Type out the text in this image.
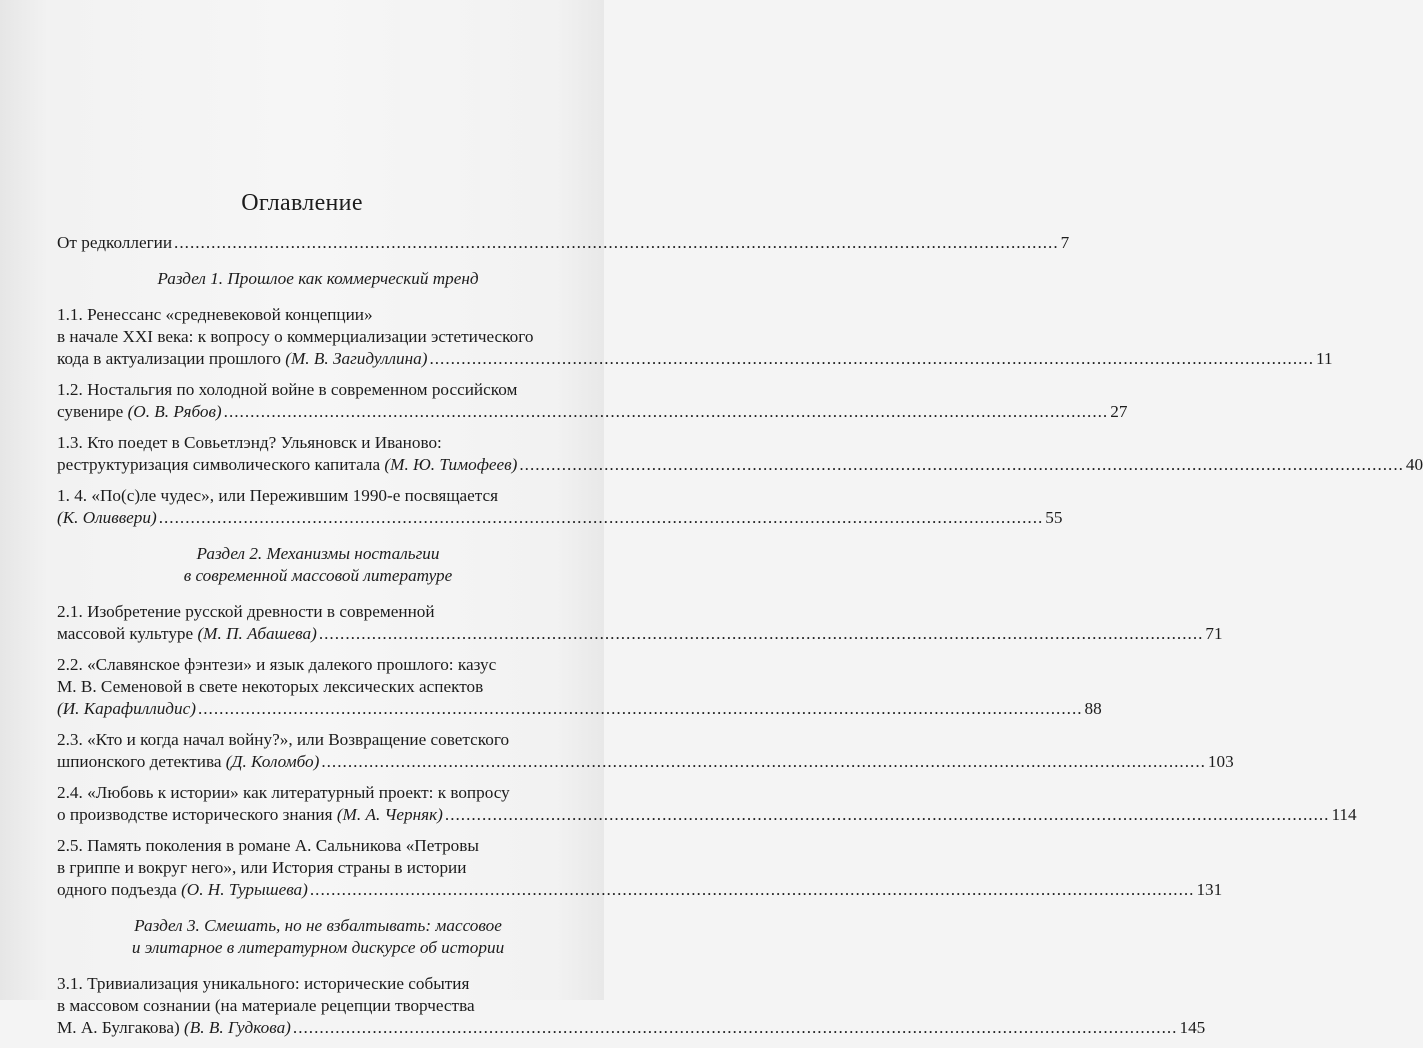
Оглавление
От редколлегии .....	7
Раздел 1. Прошлое как коммерческий тренд
1.1. Ренессанс «средневековой концепции»
в начале XXI века: к вопросу о коммерциализации эстетического
кода в актуализации прошлого (М. В. Загидуллина) .....	11
1.2. Ностальгия по холодной войне в современном российском
сувенире (О. В. Рябов) .....	27
1.3. Кто поедет в Совьетлэнд? Ульяновск и Иваново:
реструктуризация символического капитала (М. Ю. Тимофеев) .....	40
1. 4. «По(с)ле чудес», или Пережившим 1990-е посвящается
(К. Оливвери) .....	55
Раздел 2. Механизмы ностальгии
в современной массовой литературе
2.1. Изобретение русской древности в современной
массовой культуре (М. П. Абашева) .....	71
2.2. «Славянское фэнтези» и язык далекого прошлого: казус
М. В. Семеновой в свете некоторых лексических аспектов
(И. Карафиллидис) .....	88
2.3. «Кто и когда начал войну?», или Возвращение советского
шпионского детектива (Д. Коломбо) .....	103
2.4. «Любовь к истории» как литературный проект: к вопросу
о производстве исторического знания (М. А. Черняк) .....	114
2.5. Память поколения в романе А. Сальникова «Петровы
в гриппе и вокруг него», или История страны в истории
одного подъезда (О. Н. Турышева) .....	131
Раздел 3. Смешать, но не взбалтывать: массовое
и элитарное в литературном дискурсе об истории
3.1. Тривиализация уникального: исторические события
в массовом сознании (на материале рецепции творчества
М. А. Булгакова) (В. В. Гудкова) .....	145
